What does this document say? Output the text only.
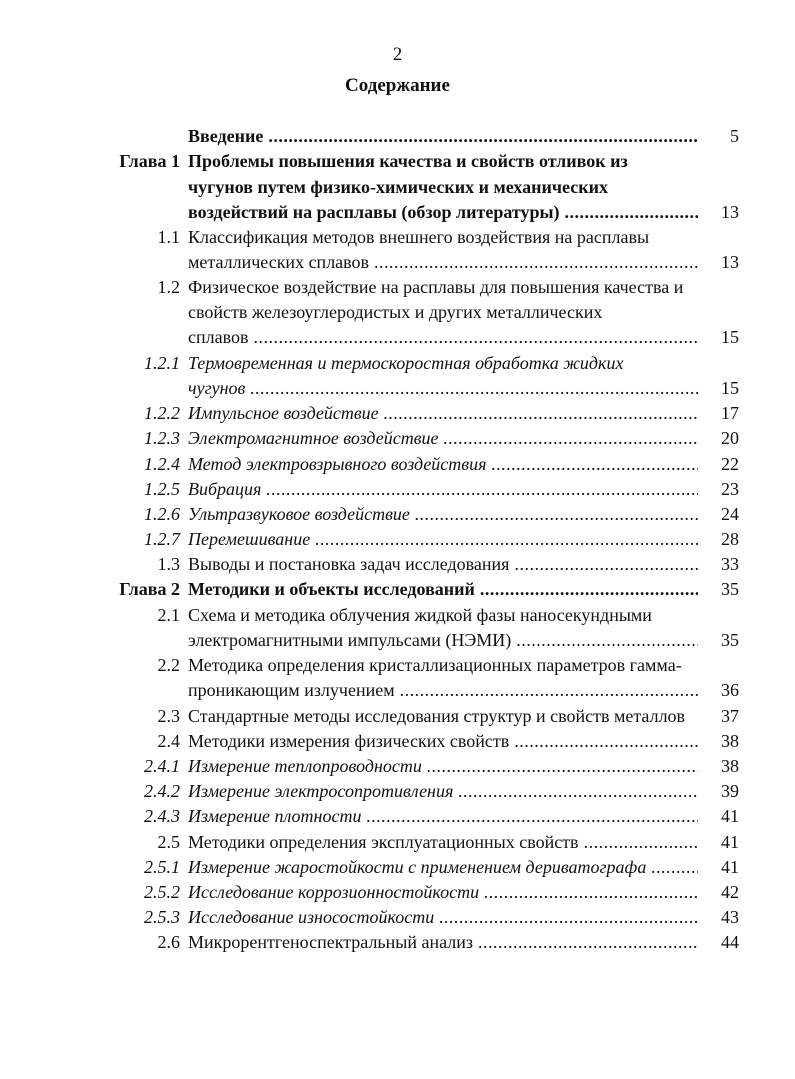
2
Содержание
Введение .....	5
Глава 1 Проблемы повышения качества и свойств отливок из
чугунов путем физико-химических и механических
воздействий на расплавы (обзор литературы) .....	13
1.1 Классификация методов внешнего воздействия на расплавы
металлических сплавов .....	13
1.2 Физическое воздействие на расплавы для повышения качества и
свойств железоуглеродистых и других металлических
сплавов .....	15
1.2.1 Термовременная и термоскоростная обработка жидких
чугунов .....	15
1.2.2 Импульсное воздействие .....	17
1.2.3 Электромагнитное воздействие .....	20
1.2.4 Метод электровзрывного воздействия .....	22
1.2.5 Вибрация .....	23
1.2.6 Ультразвуковое воздействие .....	24
1.2.7 Перемешивание .....	28
1.3 Выводы и постановка задач исследования .....	33
Глава 2 Методики и объекты исследований .....	35
2.1 Схема и методика облучения жидкой фазы наносекундными
электромагнитными импульсами (НЭМИ) .....	35
2.2 Методика определения кристаллизационных параметров гамма-
проникающим излучением .....	36
2.3 Стандартные методы исследования структур и свойств металлов	37
2.4 Методики измерения физических свойств .....	38
2.4.1 Измерение теплопроводности .....	38
2.4.2 Измерение электросопротивления .....	39
2.4.3 Измерение плотности .....	41
2.5 Методики определения эксплуатационных свойств .....	41
2.5.1 Измерение жаростойкости с применением дериватографа .....	41
2.5.2 Исследование коррозионностойкости .....	42
2.5.3 Исследование износостойкости .....	43
2.6 Микрорентгеноспектральный анализ .....	44
